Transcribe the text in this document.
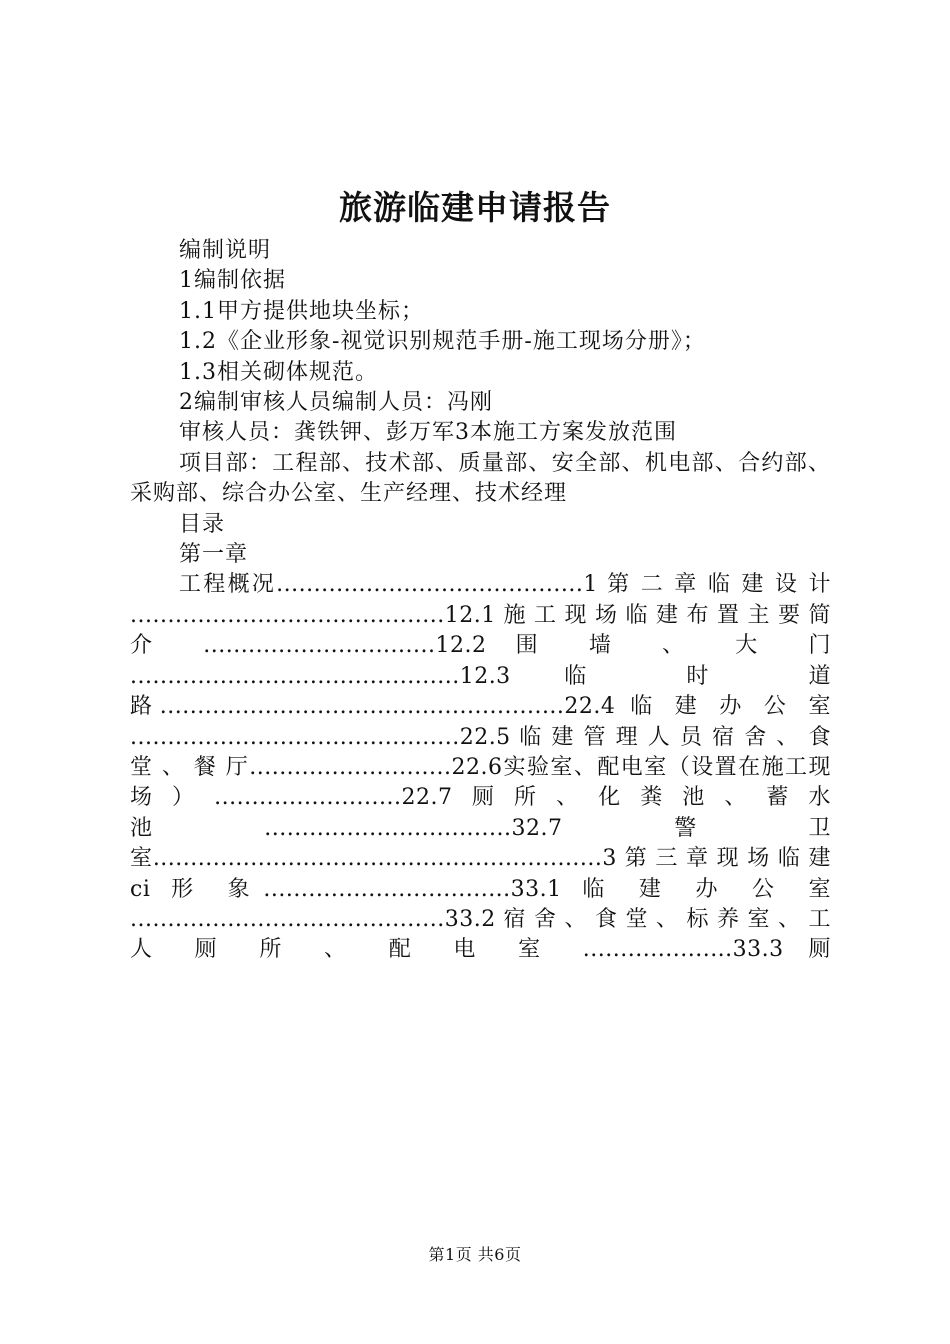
旅游临建申请报告
编制说明
1编制依据
1.1甲方提供地块坐标；
1.2《企业形象-视觉识别规范手册-施工现场分册》；
1.3相关砌体规范。
2编制审核人员编制人员：冯刚
审核人员：龚铁钾、彭万军3本施工方案发放范围
项目部：工程部、技术部、质量部、安全部、机电部、合约部、采购部、综合办公室、生产经理、技术经理
目录
第一章
工程概况.........................................1 第 二 章 临 建 设 计 ..........................................12.1 施 工 现 场 临 建 布 置 主 要 简 介 ...............................12.2 围 墙 、 大 门 ............................................12.3 临 时 道 路......................................................22.4 临 建 办 公 室 ............................................22.5 临 建 管 理 人 员 宿 舍 、 食 堂 、 餐 厅...........................22.6实验室、配电室（设置在施工现场）.........................22.7厕所、化粪池、蓄水池.................................32.7警卫室............................................................3 第 三 章 现 场 临 建 ci 形 象.................................33.1 临 建 办 公 室 ..........................................33.2 宿 舍 、 食 堂 、 标 养 室 、 工 人 厕 所 、 配 电 室 ....................33.3 厕
第1页 共6页
